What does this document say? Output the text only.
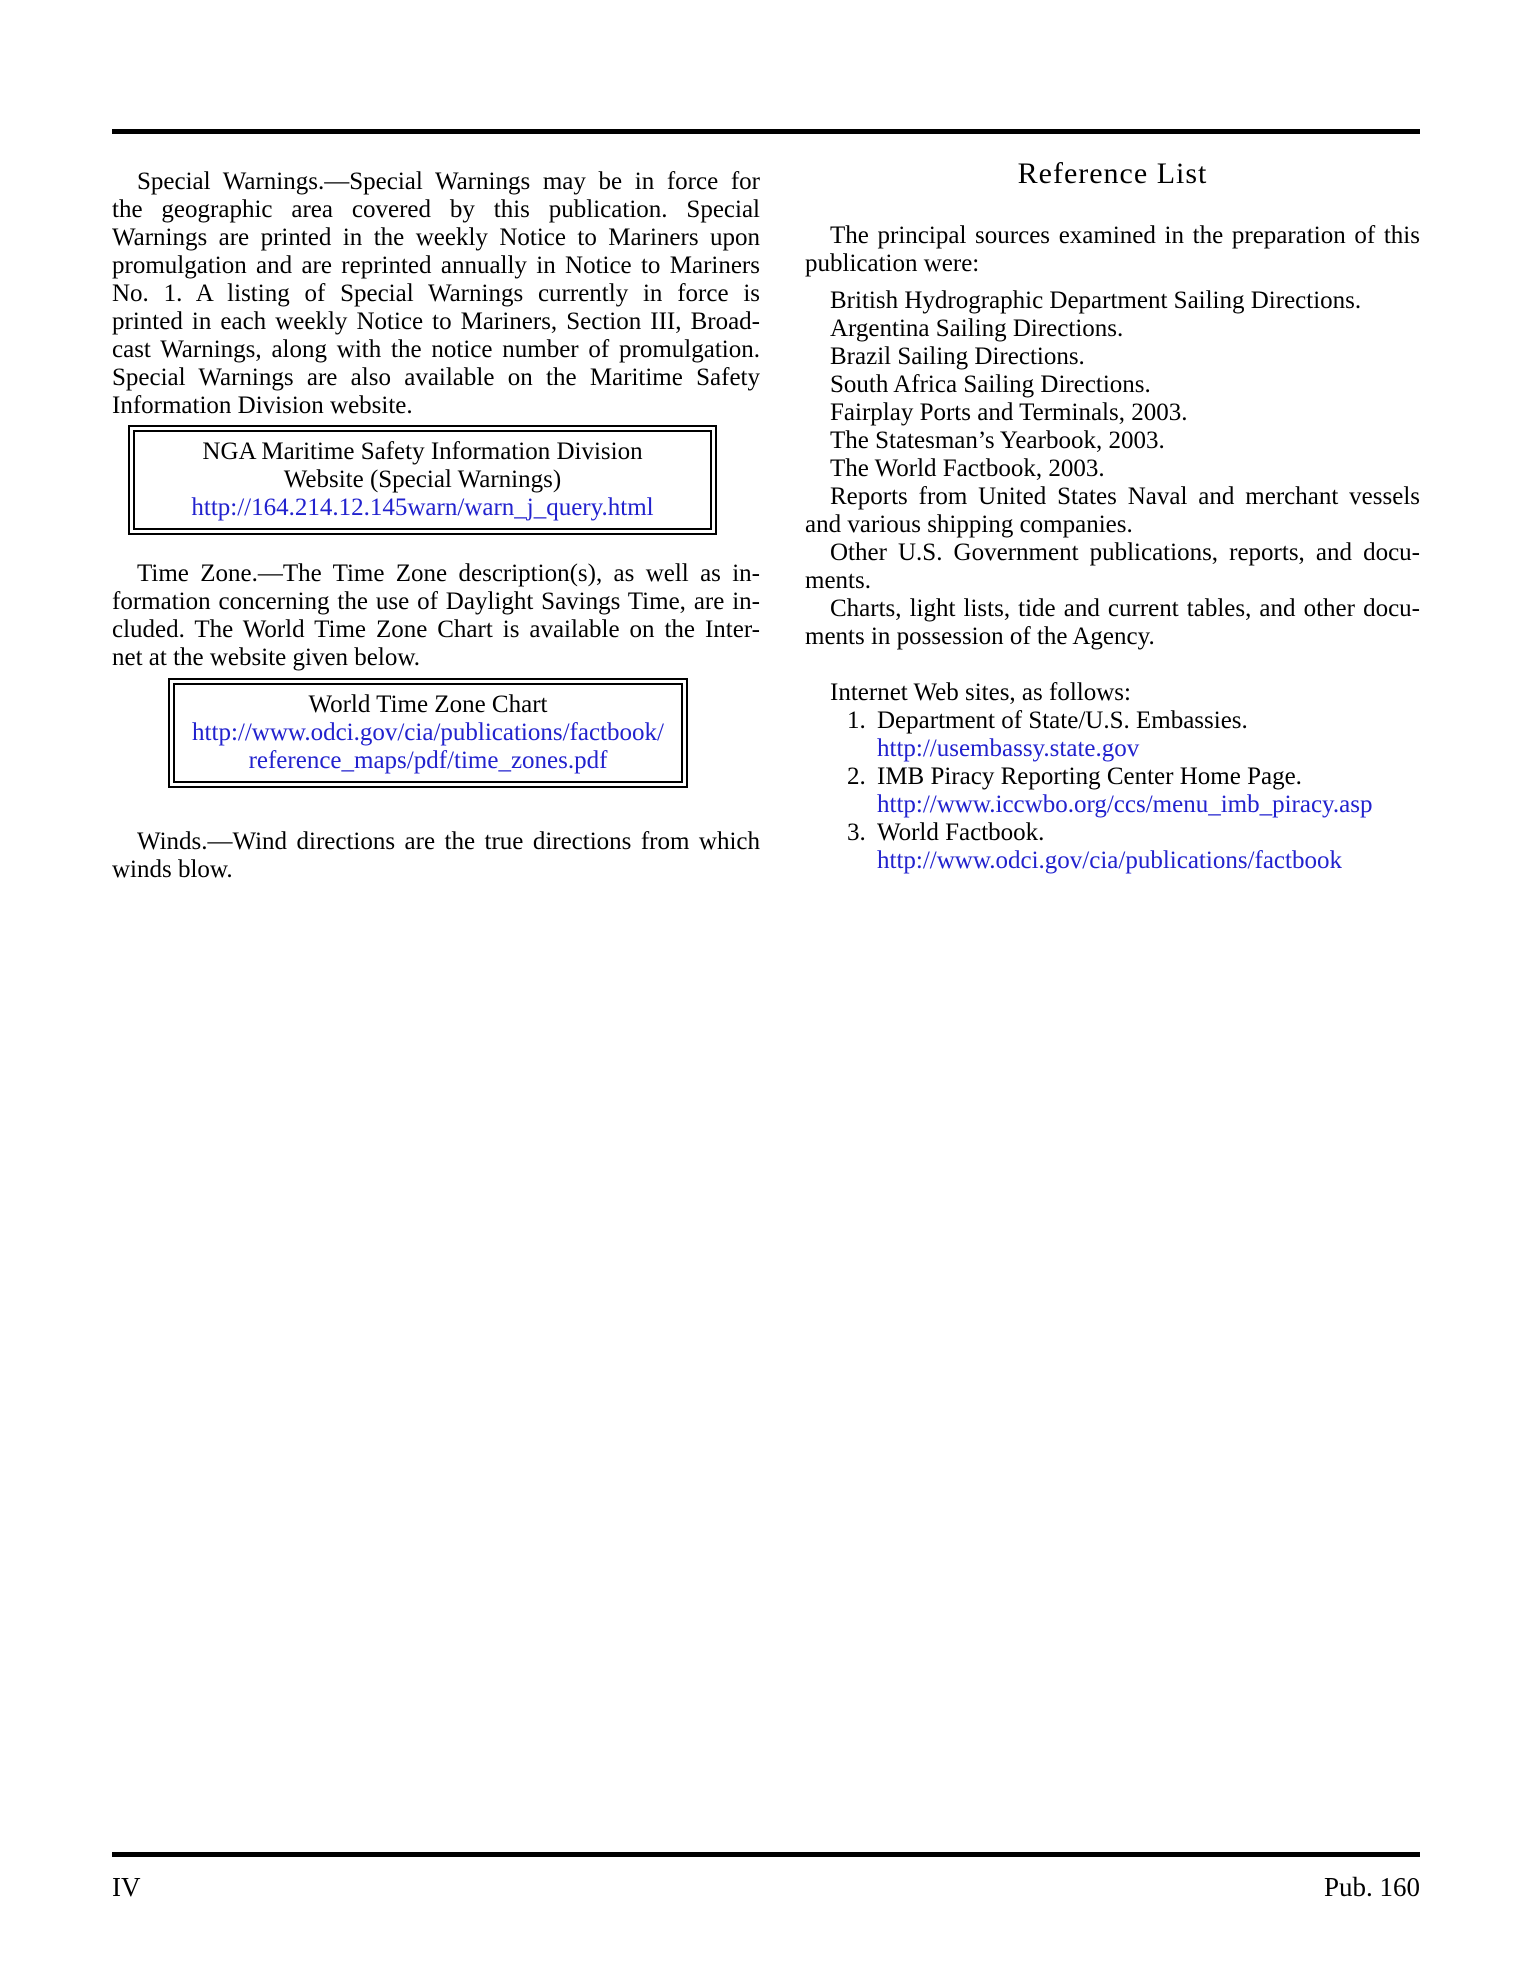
Special Warnings.—Special Warnings may be in force for
the geographic area covered by this publication. Special
Warnings are printed in the weekly Notice to Mariners upon
promulgation and are reprinted annually in Notice to Mariners
No. 1. A listing of Special Warnings currently in force is
printed in each weekly Notice to Mariners, Section III, Broad-
cast Warnings, along with the notice number of promulgation.
Special Warnings are also available on the Maritime Safety
Information Division website.
NGA Maritime Safety Information Division
Website (Special Warnings)
http://164.214.12.145warn/warn_j_query.html
Time Zone.—The Time Zone description(s), as well as in-
formation concerning the use of Daylight Savings Time, are in-
cluded. The World Time Zone Chart is available on the Inter-
net at the website given below.
World Time Zone Chart
http://www.odci.gov/cia/publications/factbook/
reference_maps/pdf/time_zones.pdf
Winds.—Wind directions are the true directions from which
winds blow.
Reference List
The principal sources examined in the preparation of this
publication were:
British Hydrographic Department Sailing Directions.
Argentina Sailing Directions.
Brazil Sailing Directions.
South Africa Sailing Directions.
Fairplay Ports and Terminals, 2003.
The Statesman’s Yearbook, 2003.
The World Factbook, 2003.
Reports from United States Naval and merchant vessels
and various shipping companies.
Other U.S. Government publications, reports, and docu-
ments.
Charts, light lists, tide and current tables, and other docu-
ments in possession of the Agency.
Internet Web sites, as follows:
1. Department of State/U.S. Embassies.
http://usembassy.state.gov
2. IMB Piracy Reporting Center Home Page.
http://www.iccwbo.org/ccs/menu_imb_piracy.asp
3. World Factbook.
http://www.odci.gov/cia/publications/factbook
IV	Pub. 160
